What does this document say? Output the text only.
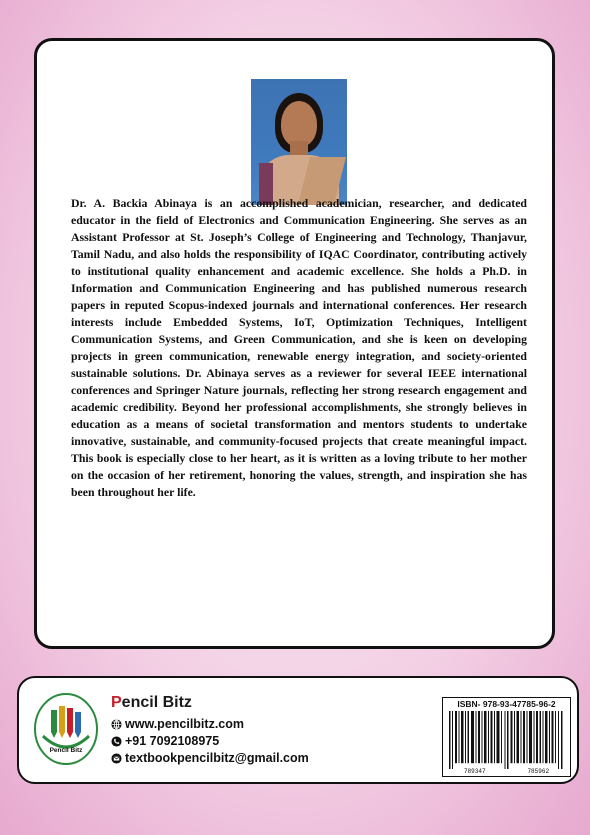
Dr. A. Backia Abinaya is an accomplished academician, researcher, and dedicated educator in the field of Electronics and Communication Engineering. She serves as an Assistant Professor at St. Joseph’s College of Engineering and Technology, Thanjavur, Tamil Nadu, and also holds the responsibility of IQAC Coordinator, contributing actively to institutional quality enhancement and academic excellence. She holds a Ph.D. in Information and Communication Engineering and has published numerous research papers in reputed Scopus-indexed journals and international conferences. Her research interests include Embedded Systems, IoT, Optimization Techniques, Intelligent Communication Systems, and Green Communication, and she is keen on developing projects in green communication, renewable energy integration, and society-oriented sustainable solutions. Dr. Abinaya serves as a reviewer for several IEEE international conferences and Springer Nature journals, reflecting her strong research engagement and academic credibility. Beyond her professional accomplishments, she strongly believes in education as a means of societal transformation and mentors students to undertake innovative, sustainable, and community-focused projects that create meaningful impact. This book is especially close to her heart, as it is written as a loving tribute to her mother on the occasion of her retirement, honoring the values, strength, and inspiration she has been throughout her life.

Pencil Bitz

Pencil Bitz

www.pencilbitz.com
+91 7092108975
textbookpencilbitz@gmail.com
ISBN- 978-93-47785-96-2
789347	785962
